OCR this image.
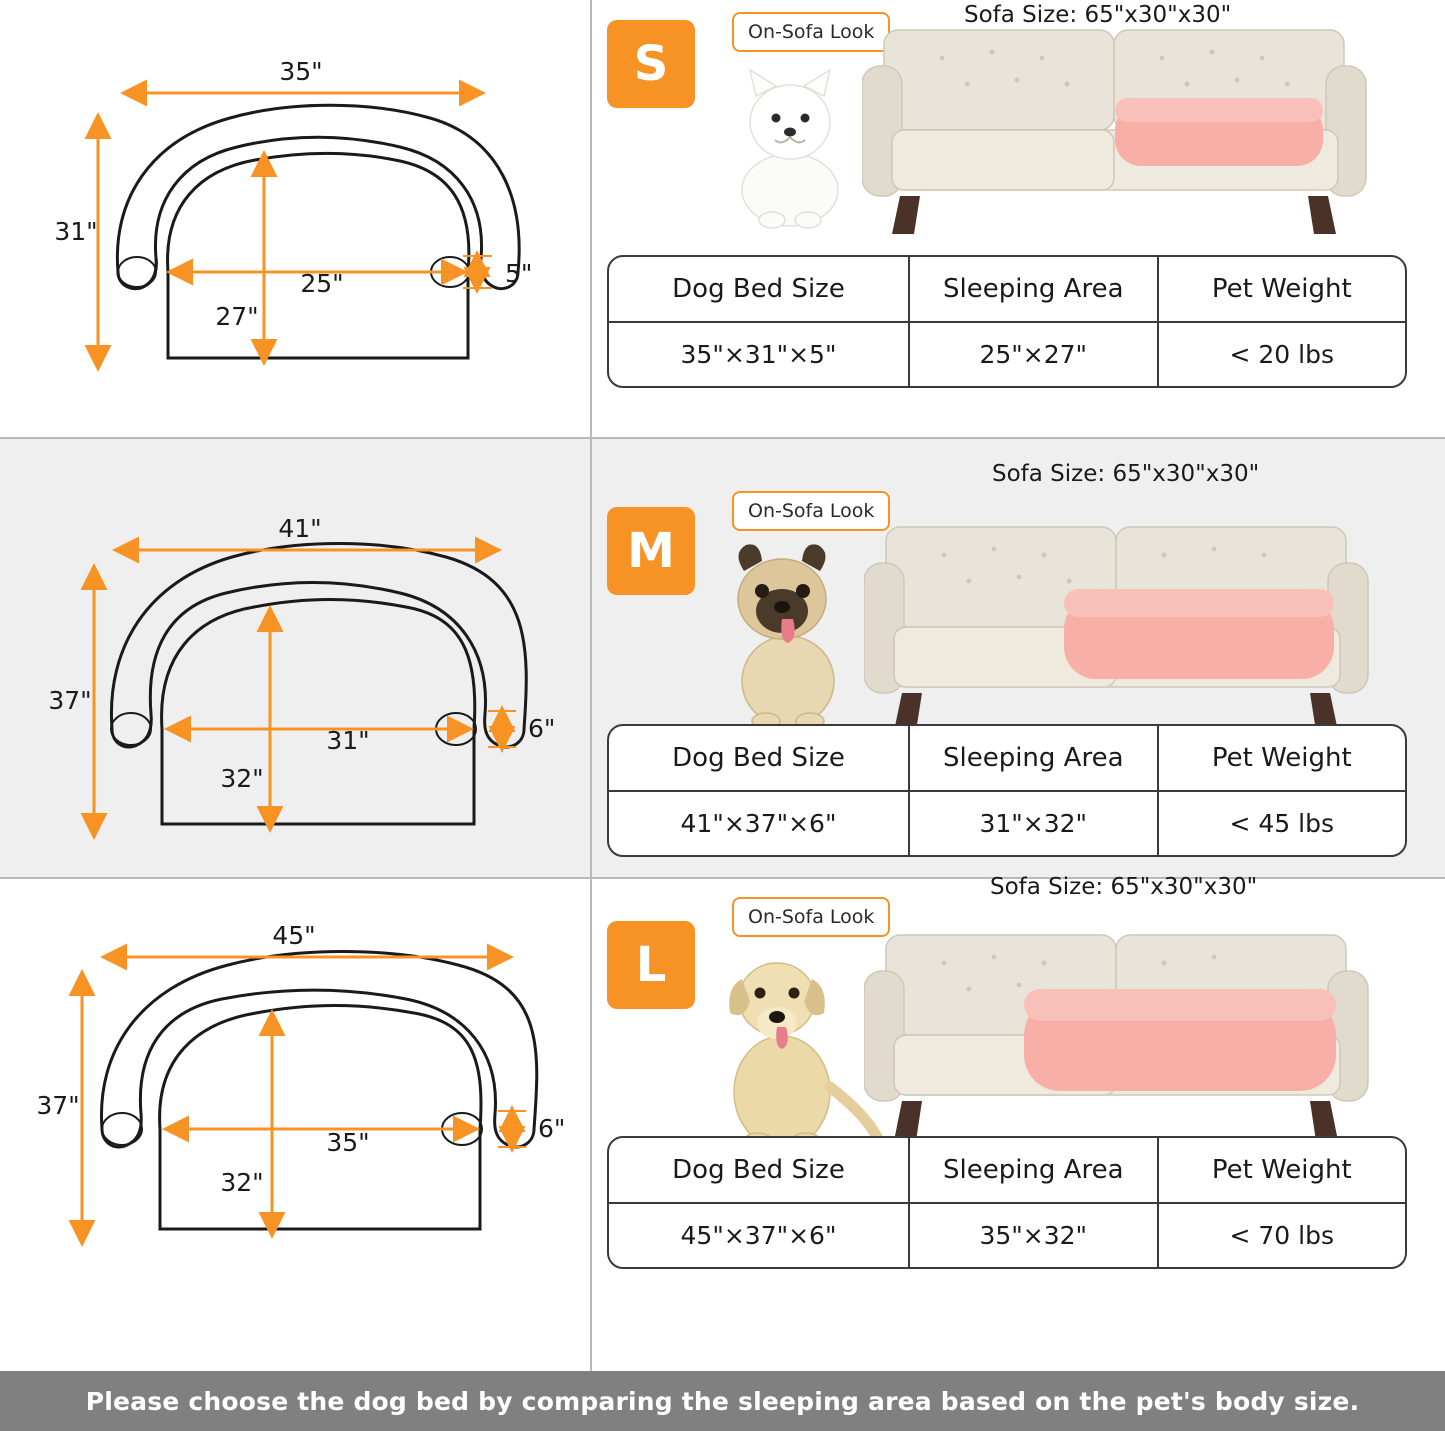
35"
31"
25"
27"
5"
S
On-Sofa Look
Sofa Size: 65"x30"x30"
Dog Bed Size	Sleeping Area	Pet Weight
35"×31"×5"	25"×27"	< 20 lbs
41"
37"
31"
32"
6"
M
On-Sofa Look
Sofa Size: 65"x30"x30"
Dog Bed Size	Sleeping Area	Pet Weight
41"×37"×6"	31"×32"	< 45 lbs
45"
37"
35"
32"
6"
L
On-Sofa Look
Sofa Size: 65"x30"x30"
Dog Bed Size	Sleeping Area	Pet Weight
45"×37"×6"	35"×32"	< 70 lbs
Please choose the dog bed by comparing the sleeping area based on the pet's body size.
